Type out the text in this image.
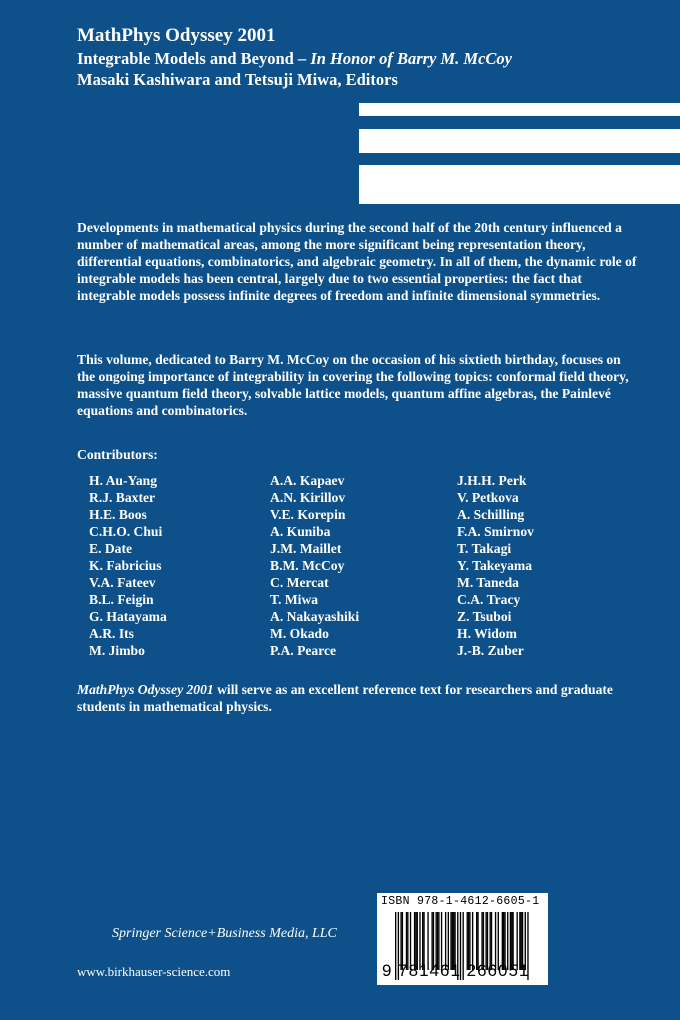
MathPhys Odyssey 2001
Integrable Models and Beyond – In Honor of Barry M. McCoy
Masaki Kashiwara and Tetsuji Miwa, Editors
Developments in mathematical physics during the second half of the 20th century influenced a number of mathematical areas, among the more significant being representation theory, differential equations, combinatorics, and algebraic geometry. In all of them, the dynamic role of integrable models has been central, largely due to two essential properties: the fact that integrable models possess infinite degrees of freedom and infinite dimensional symmetries.
This volume, dedicated to Barry M. McCoy on the occasion of his sixtieth birthday, focuses on the ongoing importance of integrability in covering the following topics: conformal field theory, massive quantum field theory, solvable lattice models, quantum affine algebras, the Painlevé equations and combinatorics.
Contributors:
H. Au-Yang
R.J. Baxter
H.E. Boos
C.H.O. Chui
E. Date
K. Fabricius
V.A. Fateev
B.L. Feigin
G. Hatayama
A.R. Its
M. Jimbo
A.A. Kapaev
A.N. Kirillov
V.E. Korepin
A. Kuniba
J.M. Maillet
B.M. McCoy
C. Mercat
T. Miwa
A. Nakayashiki
M. Okado
P.A. Pearce
J.H.H. Perk
V. Petkova
A. Schilling
F.A. Smirnov
T. Takagi
Y. Takeyama
M. Taneda
C.A. Tracy
Z. Tsuboi
H. Widom
J.-B. Zuber
MathPhys Odyssey 2001 will serve as an excellent reference text for researchers and graduate students in mathematical physics.
Springer Science+Business Media, LLC
www.birkhauser-science.com
ISBN 978-1-4612-6605-1
9 781461 266051
